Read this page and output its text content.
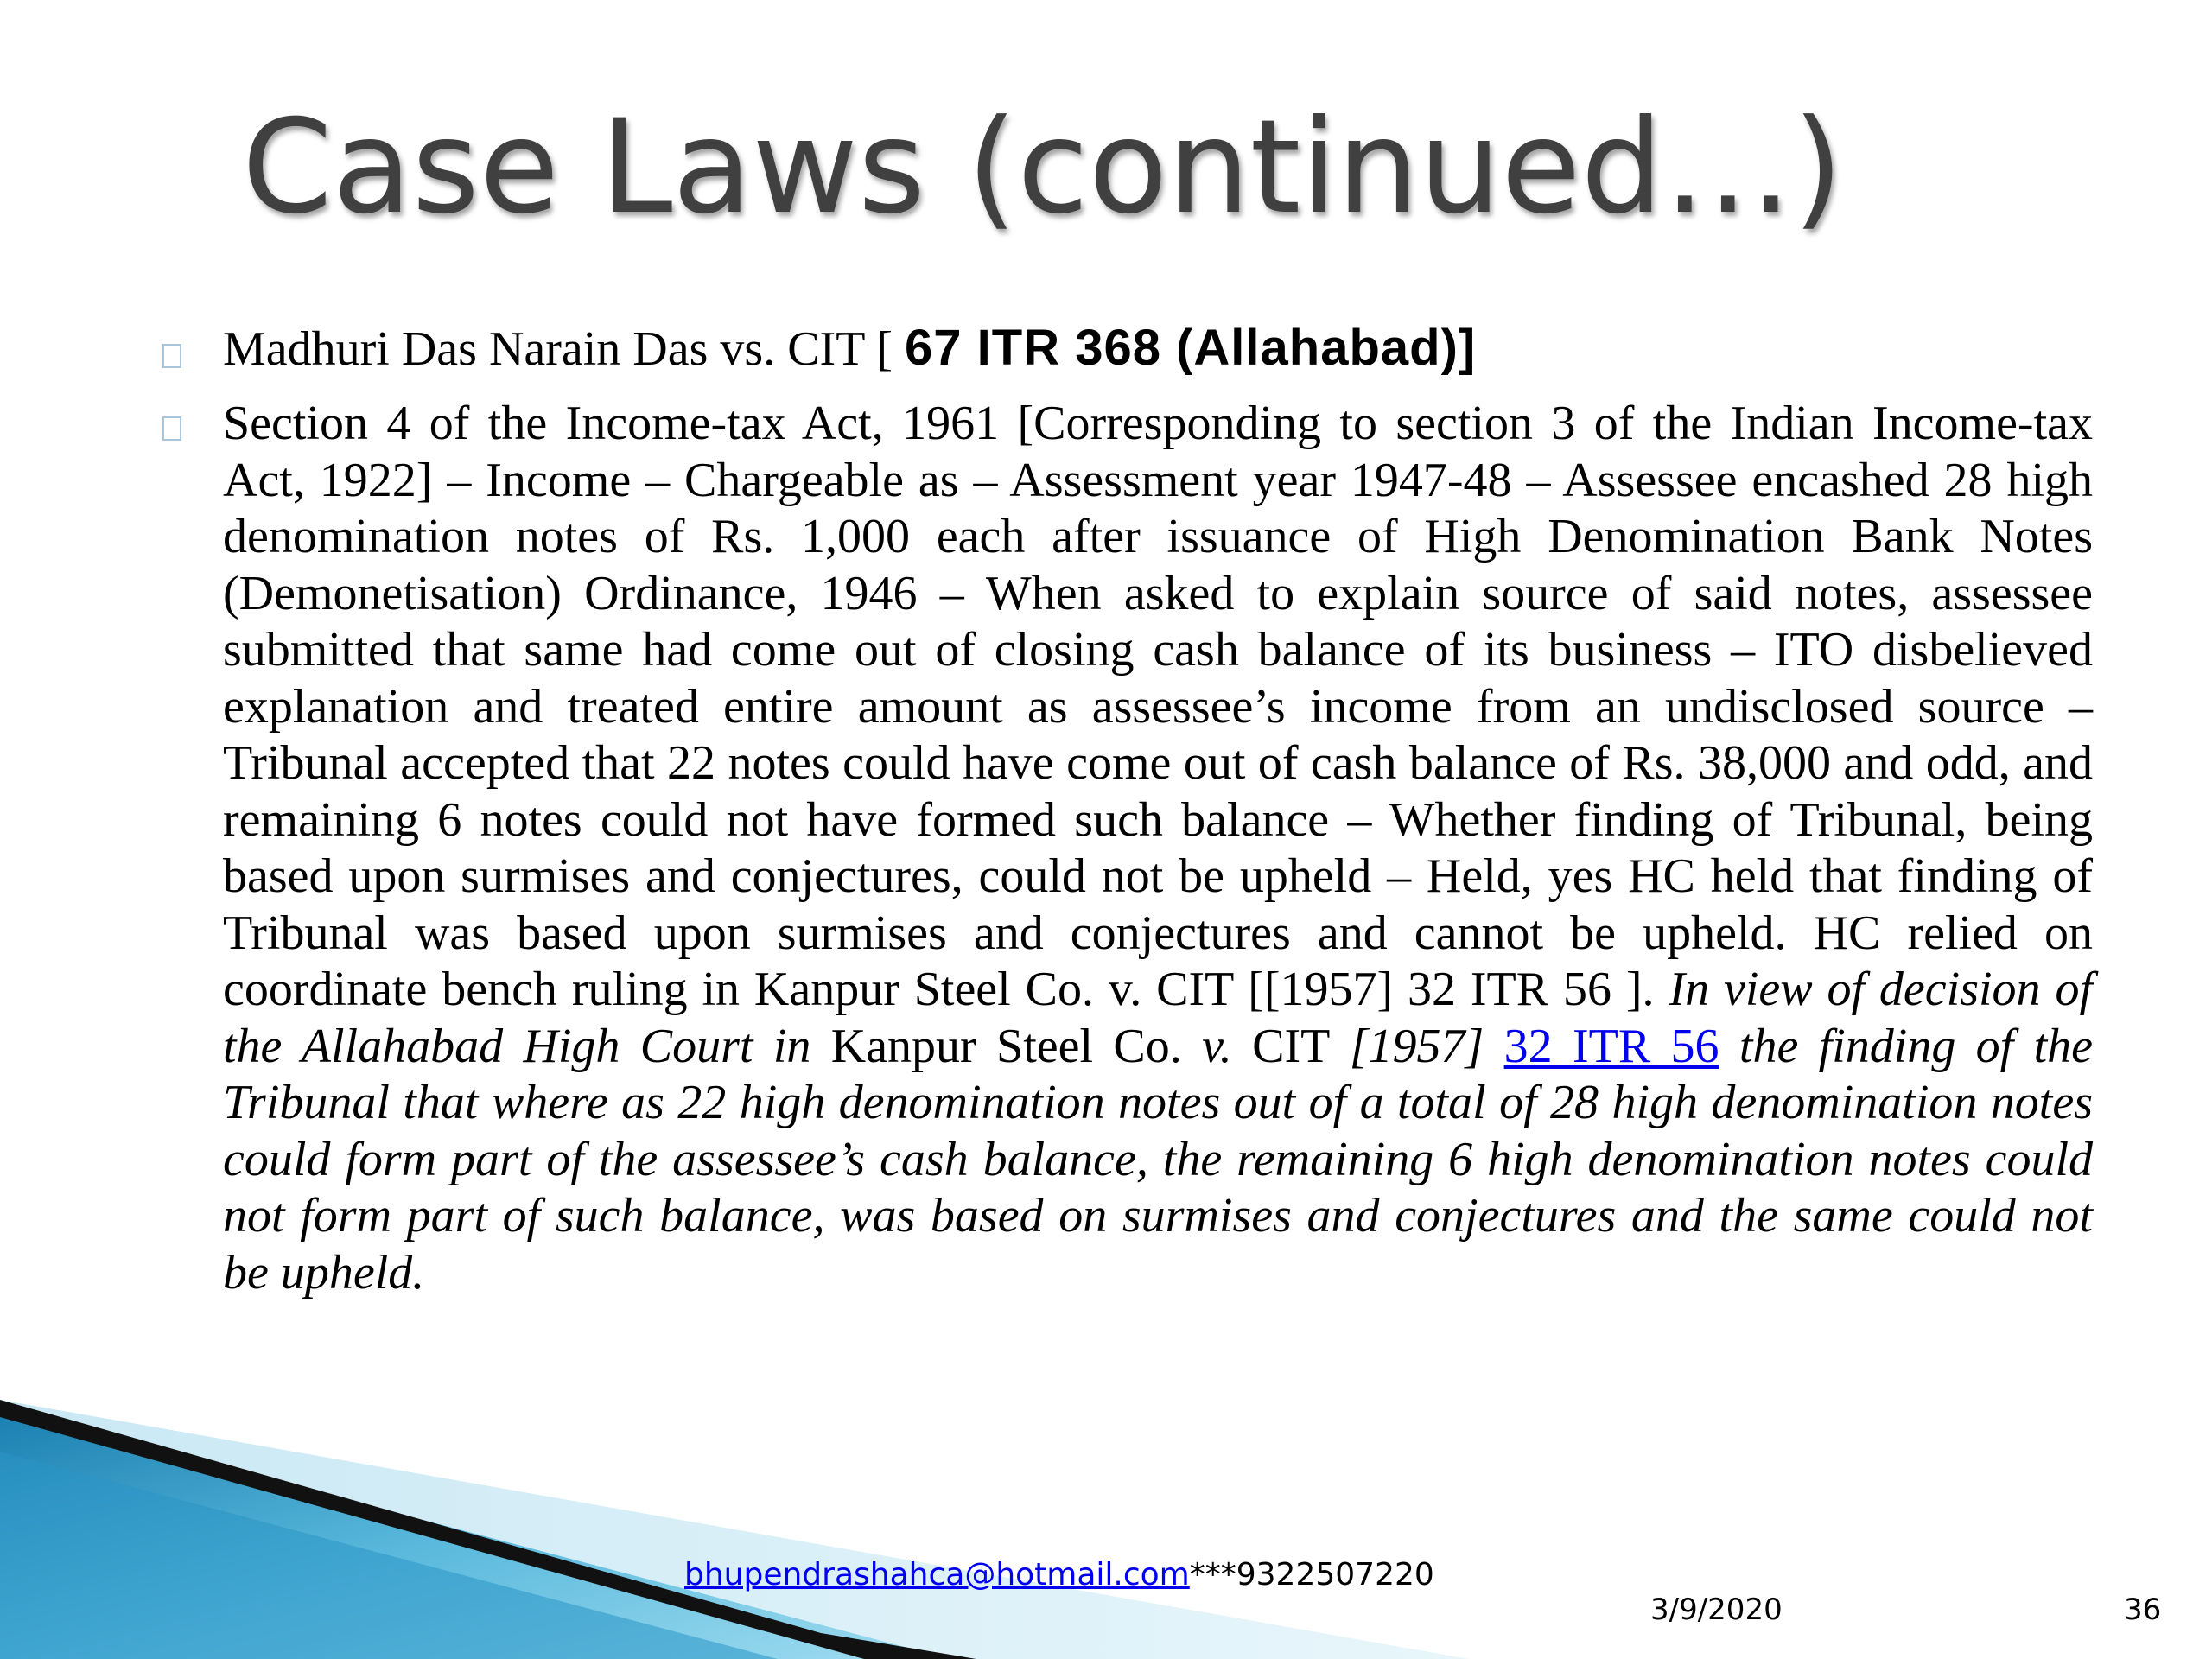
Case Laws (continued…)
Madhuri Das Narain Das vs. CIT [ 67 ITR 368 (Allahabad)]
Section 4 of the Income-tax Act, 1961 [Corresponding to section 3 of the Indian Income-tax Act, 1922] – Income – Chargeable as – Assessment year 1947-48 – Assessee encashed 28 high denomination notes of Rs. 1,000 each after issuance of High Denomination Bank Notes (Demonetisation) Ordinance, 1946 – When asked to explain source of said notes, assessee submitted that same had come out of closing cash balance of its business – ITO disbelieved explanation and treated entire amount as assessee’s income from an undisclosed source – Tribunal accepted that 22 notes could have come out of cash balance of Rs. 38,000 and odd, and remaining 6 notes could not have formed such balance – Whether finding of Tribunal, being based upon surmises and conjectures, could not be upheld – Held, yes HC held that finding of Tribunal was based upon surmises and conjectures and cannot be upheld. HC relied on coordinate bench ruling in Kanpur Steel Co. v. CIT [[1957] 32 ITR 56 ]. In view of decision of the Allahabad High Court in Kanpur Steel Co. v. CIT [1957] 32 ITR 56 the finding of the Tribunal that where as 22 high denomination notes out of a total of 28 high denomination notes could form part of the assessee’s cash balance, the remaining 6 high denomination notes could not form part of such balance, was based on surmises and conjectures and the same could not be upheld.
bhupendrashahca@hotmail.com***9322507220
3/9/2020	36
